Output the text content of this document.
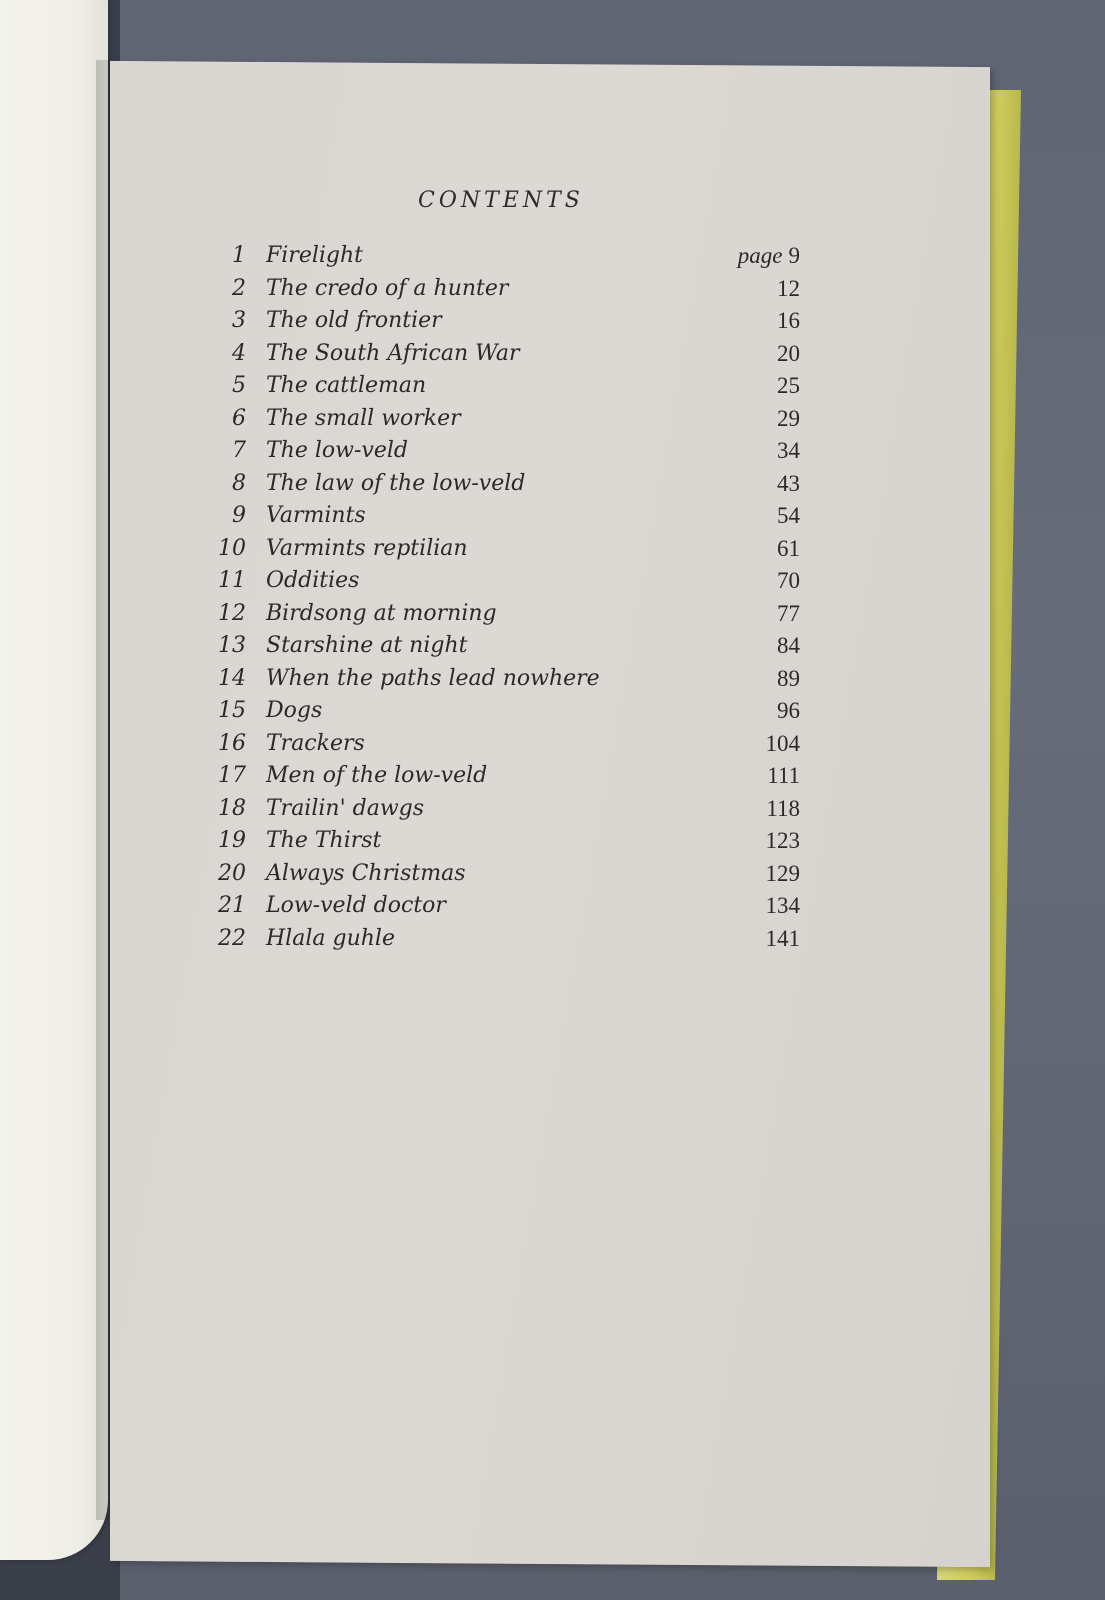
CONTENTS
1 Firelight	page 9
2 The credo of a hunter	12
3 The old frontier	16
4 The South African War	20
5 The cattleman	25
6 The small worker	29
7 The low-veld	34
8 The law of the low-veld	43
9 Varmints	54
10 Varmints reptilian	61
11 Oddities	70
12 Birdsong at morning	77
13 Starshine at night	84
14 When the paths lead nowhere	89
15 Dogs	96
16 Trackers	104
17 Men of the low-veld	111
18 Trailin' dawgs	118
19 The Thirst	123
20 Always Christmas	129
21 Low-veld doctor	134
22 Hlala guhle	141
